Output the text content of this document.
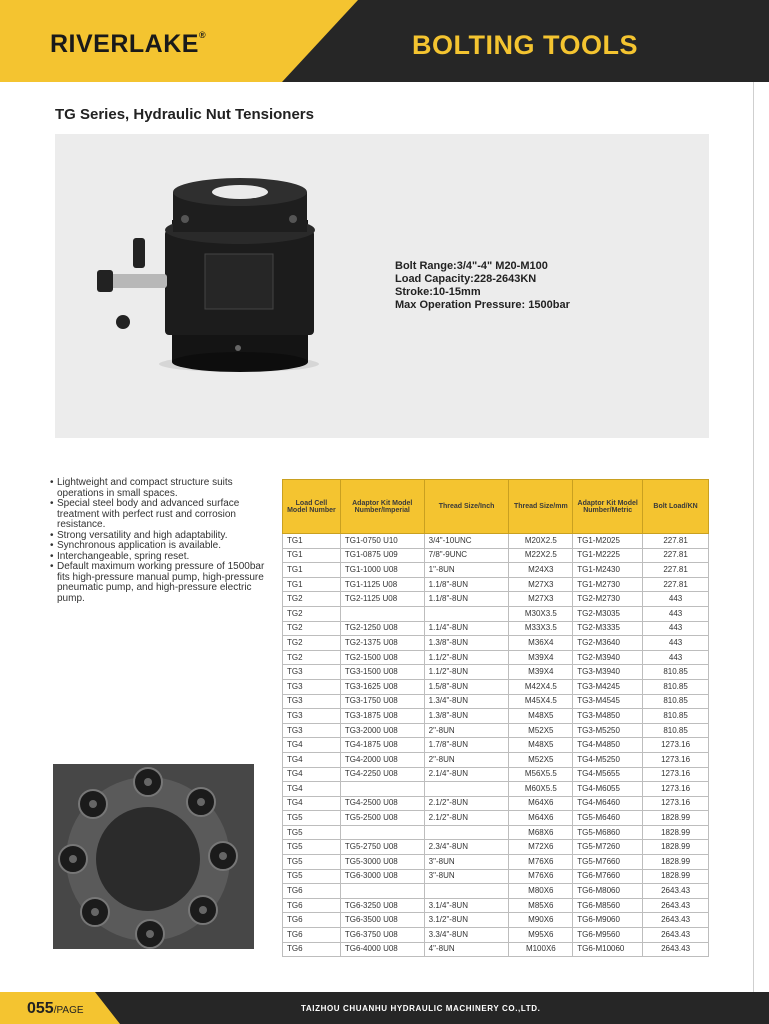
RIVERLAKE®	BOLTING TOOLS
TG Series, Hydraulic Nut Tensioners
Bolt Range:3/4"-4" M20-M100
Load Capacity:228-2643KN
Stroke:10-15mm
Max Operation Pressure: 1500bar
• Lightweight and compact structure suits operations in small spaces.
• Special steel body and advanced surface treatment with perfect rust and corrosion resistance.
• Strong versatility and high adaptability.
• Synchronous application is available.
• Interchangeable, spring reset.
• Default maximum working pressure of 1500bar fits high-pressure manual pump, high-pressure pneumatic pump, and high-pressure electric pump.
Load Cell Model Number	Adaptor Kit Model Number/Imperial	Thread Size/Inch	Thread Size/mm	Adaptor Kit Model Number/Metric	Bolt Load/KN
TG1	TG1-0750 U10	3/4"-10UNC	M20X2.5	TG1-M2025	227.81
TG1	TG1-0875 U09	7/8"-9UNC	M22X2.5	TG1-M2225	227.81
TG1	TG1-1000 U08	1"-8UN	M24X3	TG1-M2430	227.81
TG1	TG1-1125 U08	1.1/8"-8UN	M27X3	TG1-M2730	227.81
TG2	TG2-1125 U08	1.1/8"-8UN	M27X3	TG2-M2730	443
TG2			M30X3.5	TG2-M3035	443
TG2	TG2-1250 U08	1.1/4"-8UN	M33X3.5	TG2-M3335	443
TG2	TG2-1375 U08	1.3/8"-8UN	M36X4	TG2-M3640	443
TG2	TG2-1500 U08	1.1/2"-8UN	M39X4	TG2-M3940	443
TG3	TG3-1500 U08	1.1/2"-8UN	M39X4	TG3-M3940	810.85
TG3	TG3-1625 U08	1.5/8"-8UN	M42X4.5	TG3-M4245	810.85
TG3	TG3-1750 U08	1.3/4"-8UN	M45X4.5	TG3-M4545	810.85
TG3	TG3-1875 U08	1.3/8"-8UN	M48X5	TG3-M4850	810.85
TG3	TG3-2000 U08	2"-8UN	M52X5	TG3-M5250	810.85
TG4	TG4-1875 U08	1.7/8"-8UN	M48X5	TG4-M4850	1273.16
TG4	TG4-2000 U08	2"-8UN	M52X5	TG4-M5250	1273.16
TG4	TG4-2250 U08	2.1/4"-8UN	M56X5.5	TG4-M5655	1273.16
TG4			M60X5.5	TG4-M6055	1273.16
TG4	TG4-2500 U08	2.1/2"-8UN	M64X6	TG4-M6460	1273.16
TG5	TG5-2500 U08	2.1/2"-8UN	M64X6	TG5-M6460	1828.99
TG5			M68X6	TG5-M6860	1828.99
TG5	TG5-2750 U08	2.3/4"-8UN	M72X6	TG5-M7260	1828.99
TG5	TG5-3000 U08	3"-8UN	M76X6	TG5-M7660	1828.99
TG5	TG6-3000 U08	3"-8UN	M76X6	TG6-M7660	1828.99
TG6			M80X6	TG6-M8060	2643.43
TG6	TG6-3250 U08	3.1/4"-8UN	M85X6	TG6-M8560	2643.43
TG6	TG6-3500 U08	3.1/2"-8UN	M90X6	TG6-M9060	2643.43
TG6	TG6-3750 U08	3.3/4"-8UN	M95X6	TG6-M9560	2643.43
TG6	TG6-4000 U08	4"-8UN	M100X6	TG6-M10060	2643.43
055/PAGE	TAIZHOU CHUANHU HYDRAULIC MACHINERY CO.,LTD.
